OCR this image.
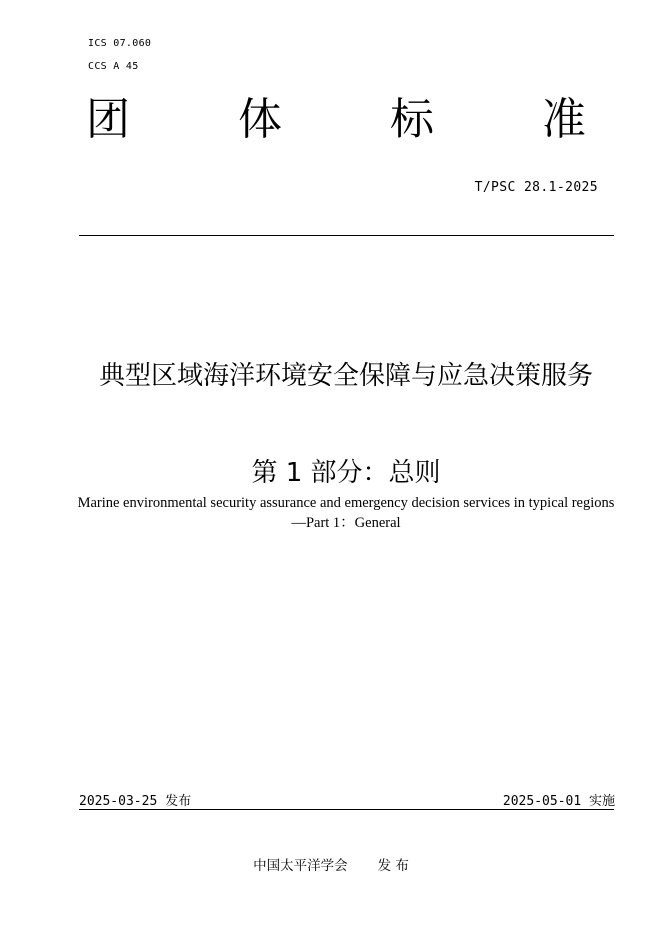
ICS 07.060
CCS A 45
团 体 标 准
T/PSC 28.1-2025
典型区域海洋环境安全保障与应急决策服务
第 1 部分：总则
Marine environmental security assurance and emergency decision services in typical regions—Part 1：General
2025-03-25 发布	2025-05-01 实施
中国太平洋学会 发 布
